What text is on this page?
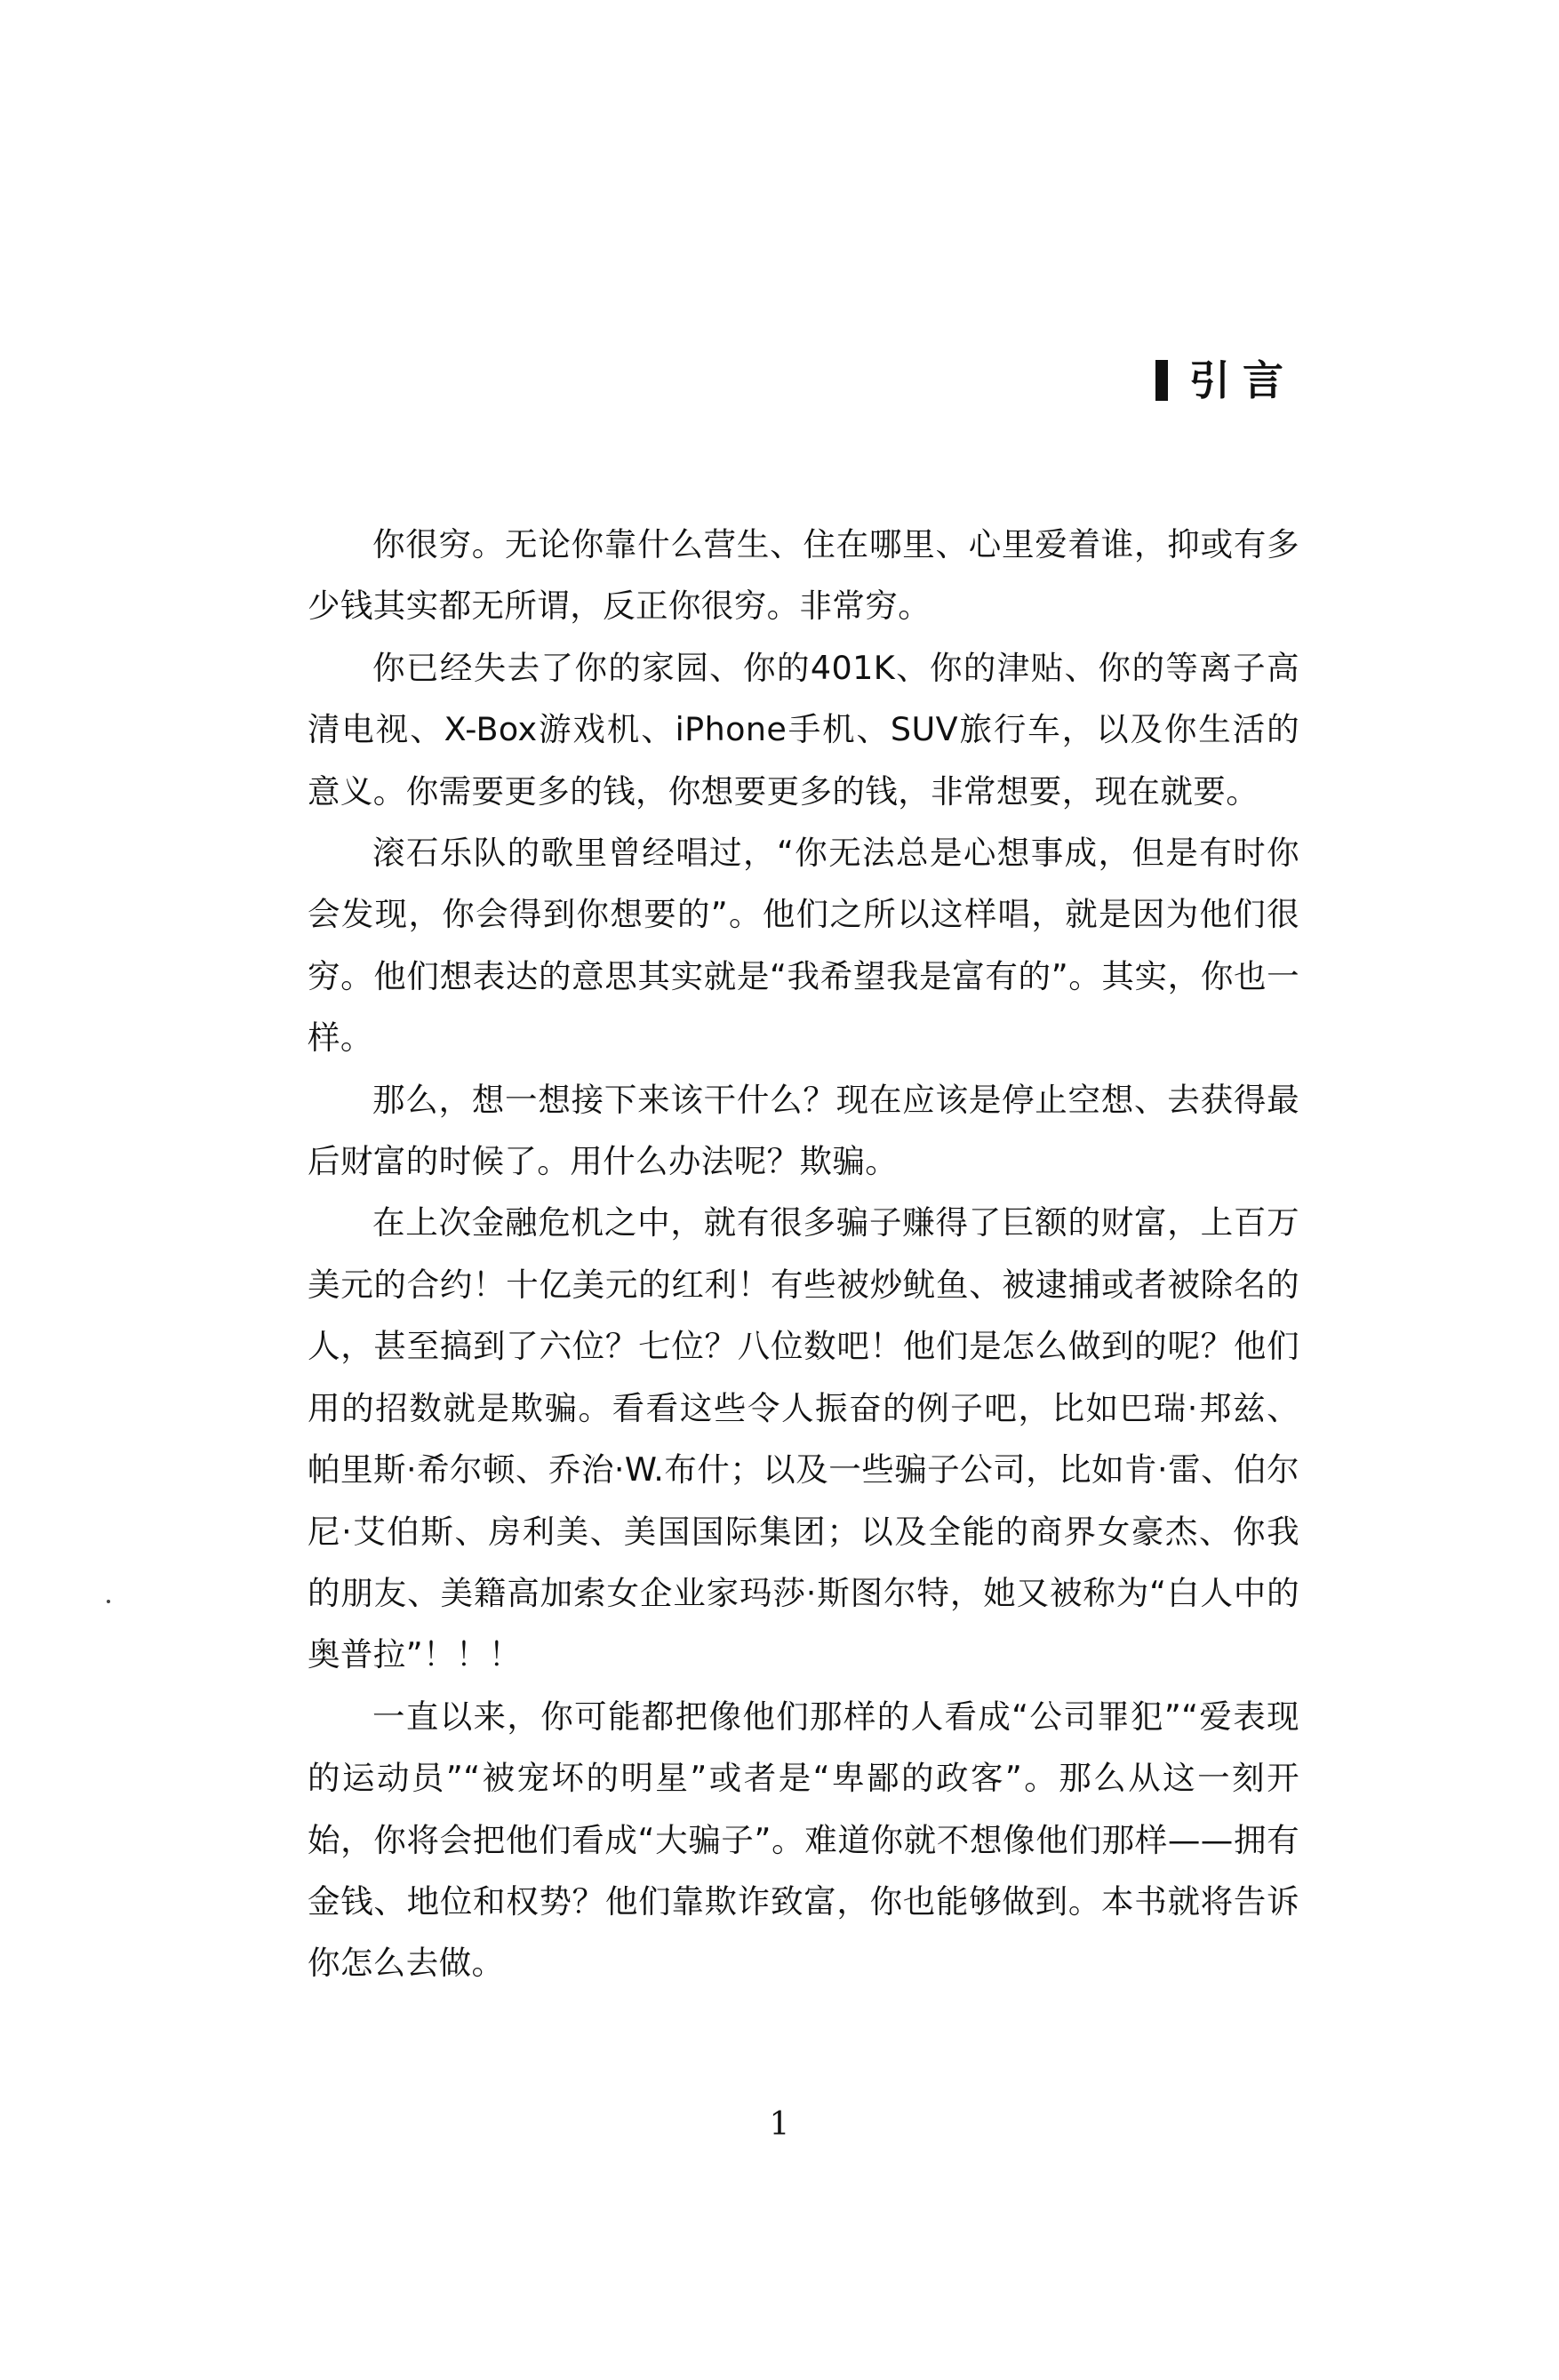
引言

你很穷。无论你靠什么营生、住在哪里、心里爱着谁，抑或有多少钱其实都无所谓，反正你很穷。非常穷。

你已经失去了你的家园、你的401K、你的津贴、你的等离子高清电视、X-Box游戏机、iPhone手机、SUV旅行车，以及你生活的意义。你需要更多的钱，你想要更多的钱，非常想要，现在就要。

滚石乐队的歌里曾经唱过，“你无法总是心想事成，但是有时你会发现，你会得到你想要的”。他们之所以这样唱，就是因为他们很穷。他们想表达的意思其实就是“我希望我是富有的”。其实，你也一样。

那么，想一想接下来该干什么？现在应该是停止空想、去获得最后财富的时候了。用什么办法呢？欺骗。

在上次金融危机之中，就有很多骗子赚得了巨额的财富，上百万美元的合约！十亿美元的红利！有些被炒鱿鱼、被逮捕或者被除名的人，甚至搞到了六位？七位？八位数吧！他们是怎么做到的呢？他们用的招数就是欺骗。看看这些令人振奋的例子吧，比如巴瑞·邦兹、帕里斯·希尔顿、乔治·W.布什；以及一些骗子公司，比如肯·雷、伯尔尼·艾伯斯、房利美、美国国际集团；以及全能的商界女豪杰、你我的朋友、美籍高加索女企业家玛莎·斯图尔特，她又被称为“白人中的奥普拉”！！！

一直以来，你可能都把像他们那样的人看成“公司罪犯”“爱表现的运动员”“被宠坏的明星”或者是“卑鄙的政客”。那么从这一刻开始，你将会把他们看成“大骗子”。难道你就不想像他们那样——拥有金钱、地位和权势？他们靠欺诈致富，你也能够做到。本书就将告诉你怎么去做。

1
